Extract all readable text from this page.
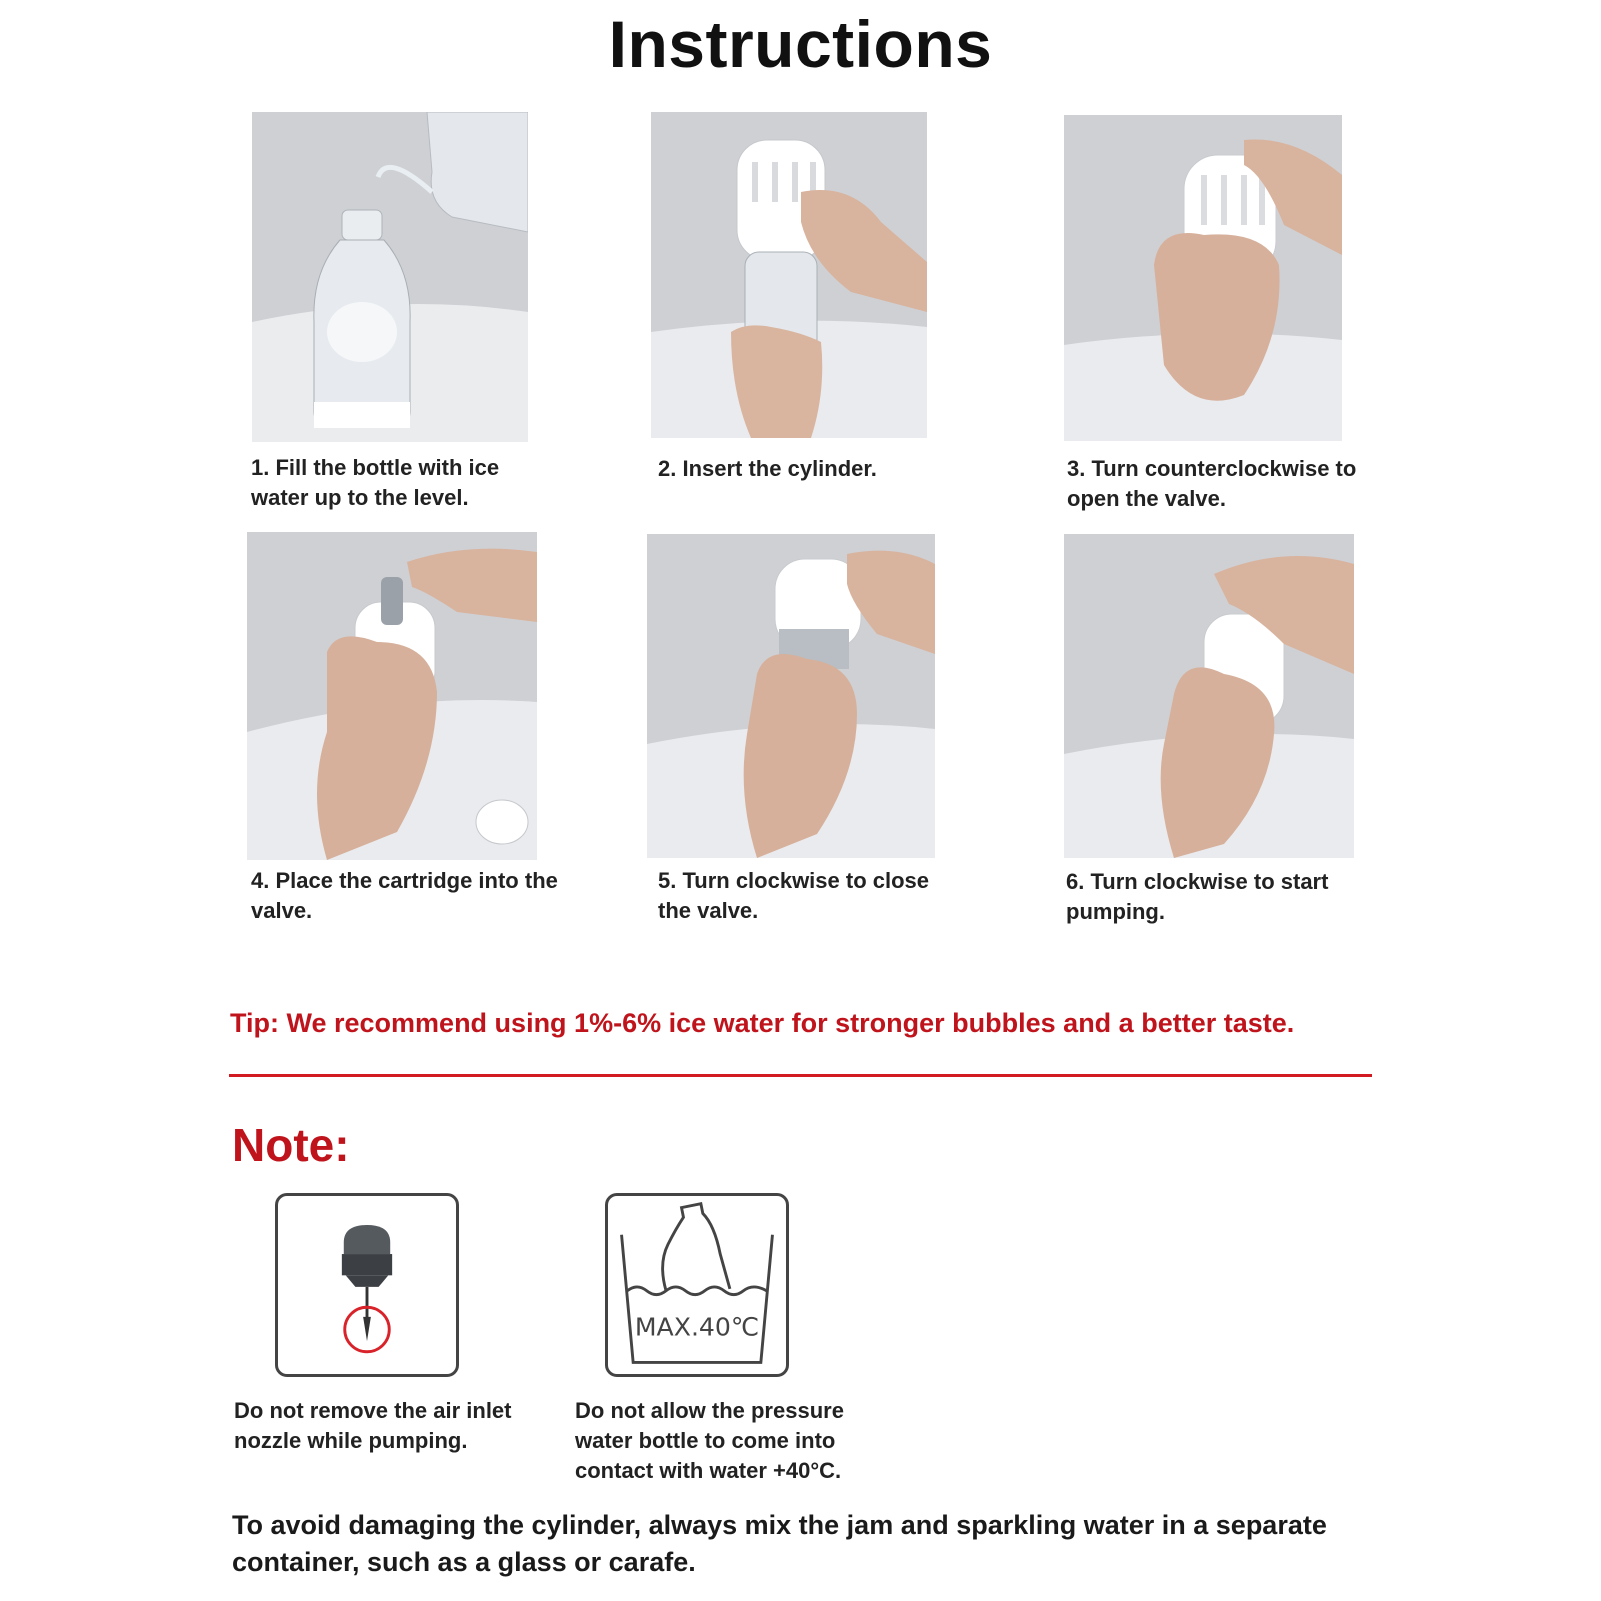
Instructions
1. Fill the bottle with ice water up to the level.
2. Insert the cylinder.	3. Turn counterclockwise to open the valve.
4. Place the cartridge into the valve.
5. Turn clockwise to close the valve.
6. Turn clockwise to start pumping.
Tip: We recommend using 1%-6% ice water for stronger bubbles and a better taste.
Note:
MAX.40℃
Do not remove the air inlet nozzle while pumping.
Do not allow the pressure water bottle to come into contact with water +40°C.
To avoid damaging the cylinder, always mix the jam and sparkling water in a separate container, such as a glass or carafe.
